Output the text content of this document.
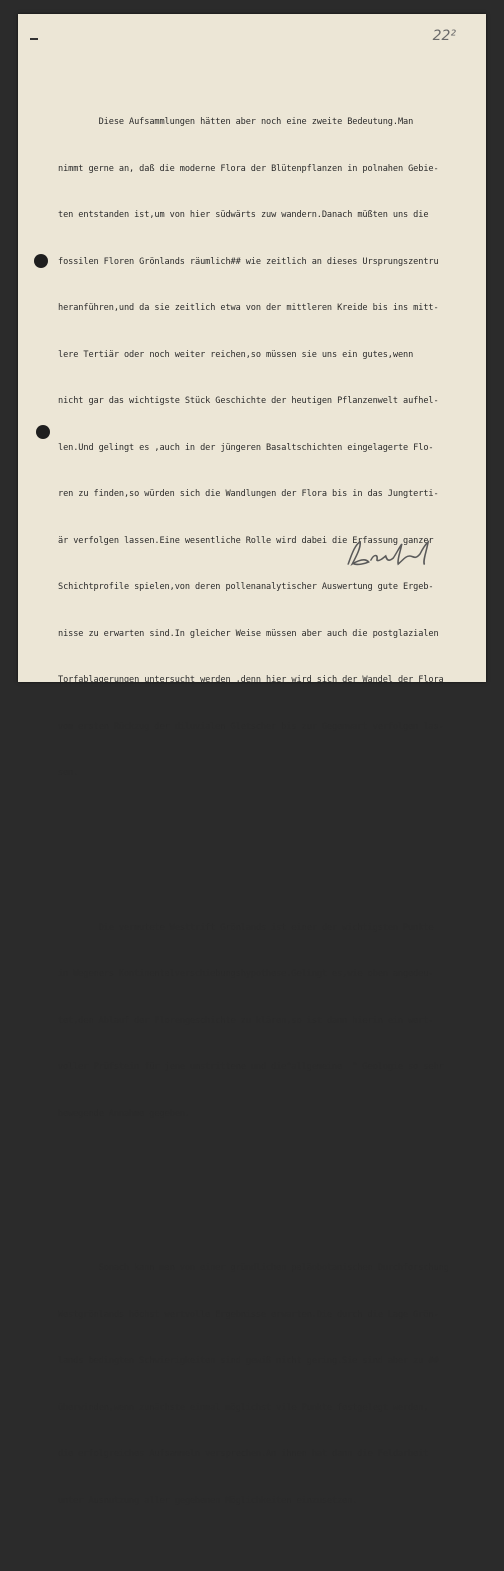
22²

Diese Aufsammlungen hätten aber noch eine zweite Bedeutung.Man

nimmt gerne an, daß die moderne Flora der Blütenpflanzen in polnahen Gebie-

ten entstanden ist,um von hier südwärts zuw wandern.Danach müßten uns die

fossilen Floren Grönlands räumlich## wie zeitlich an dieses Ursprungszentru

heranführen,und da sie zeitlich etwa von der mittleren Kreide bis ins mitt-

lere Tertiär oder noch weiter reichen,so müssen sie uns ein gutes,wenn

nicht gar das wichtigste Stück Geschichte der heutigen Pflanzenwelt aufhel-

len.Und gelingt es ,auch in der jüngeren Basaltschichten eingelagerte Flo-

ren zu finden,so würden sich die Wandlungen der Flora bis in das Jungterti-

är verfolgen lassen.Eine wesentliche Rolle wird dabei die Erfassung ganzer

Schichtprofile spielen,von deren pollenanalytischer Auswertung gute Ergeb-

nisse zu erwarten sind.In gleicher Weise müssen aber auch die postglazialen

Torfablagerungen untersucht werden ,denn hier wird sich der Wandel der Flora

vom ersten Rückzug der diluvialen Gletscher bis zur Gegenwart verfolgen las-

sen.

Die vermutete Westtrift Grönlands ist einer der wichtigsten Punkte

in Wegeners Kontinentalverschiebungshypothese.Gelingt es,wie oben angedeu-

tet,den Ablauf der Florengeschichte zu klären,so ist dann hierin ein wert-

voller Prüfstein für jene umstrittene und die"allgemeine  " Geologie so sehr

bewegende Annahme gegeben.

Sonach kann man von einer gründlichen paläobotanischen Durchforschung

Westgrönlands höchst wertvolle Ergebnisse erwarten.Die durch die Lage Grön-

lands bedingten Schwierigkeiten sind gewiß nicht gering.Sie sind aber zu ##

überwinden,wenn zunächste einmal möglichst vile Punkte festgelegt werden,

die erfolgreiches Aufsammeln versprechen.An ihnen hat dann die Feldarbeit

unter Ausnutzung aller gegebenen Möglichkeiten einzusetzen.
